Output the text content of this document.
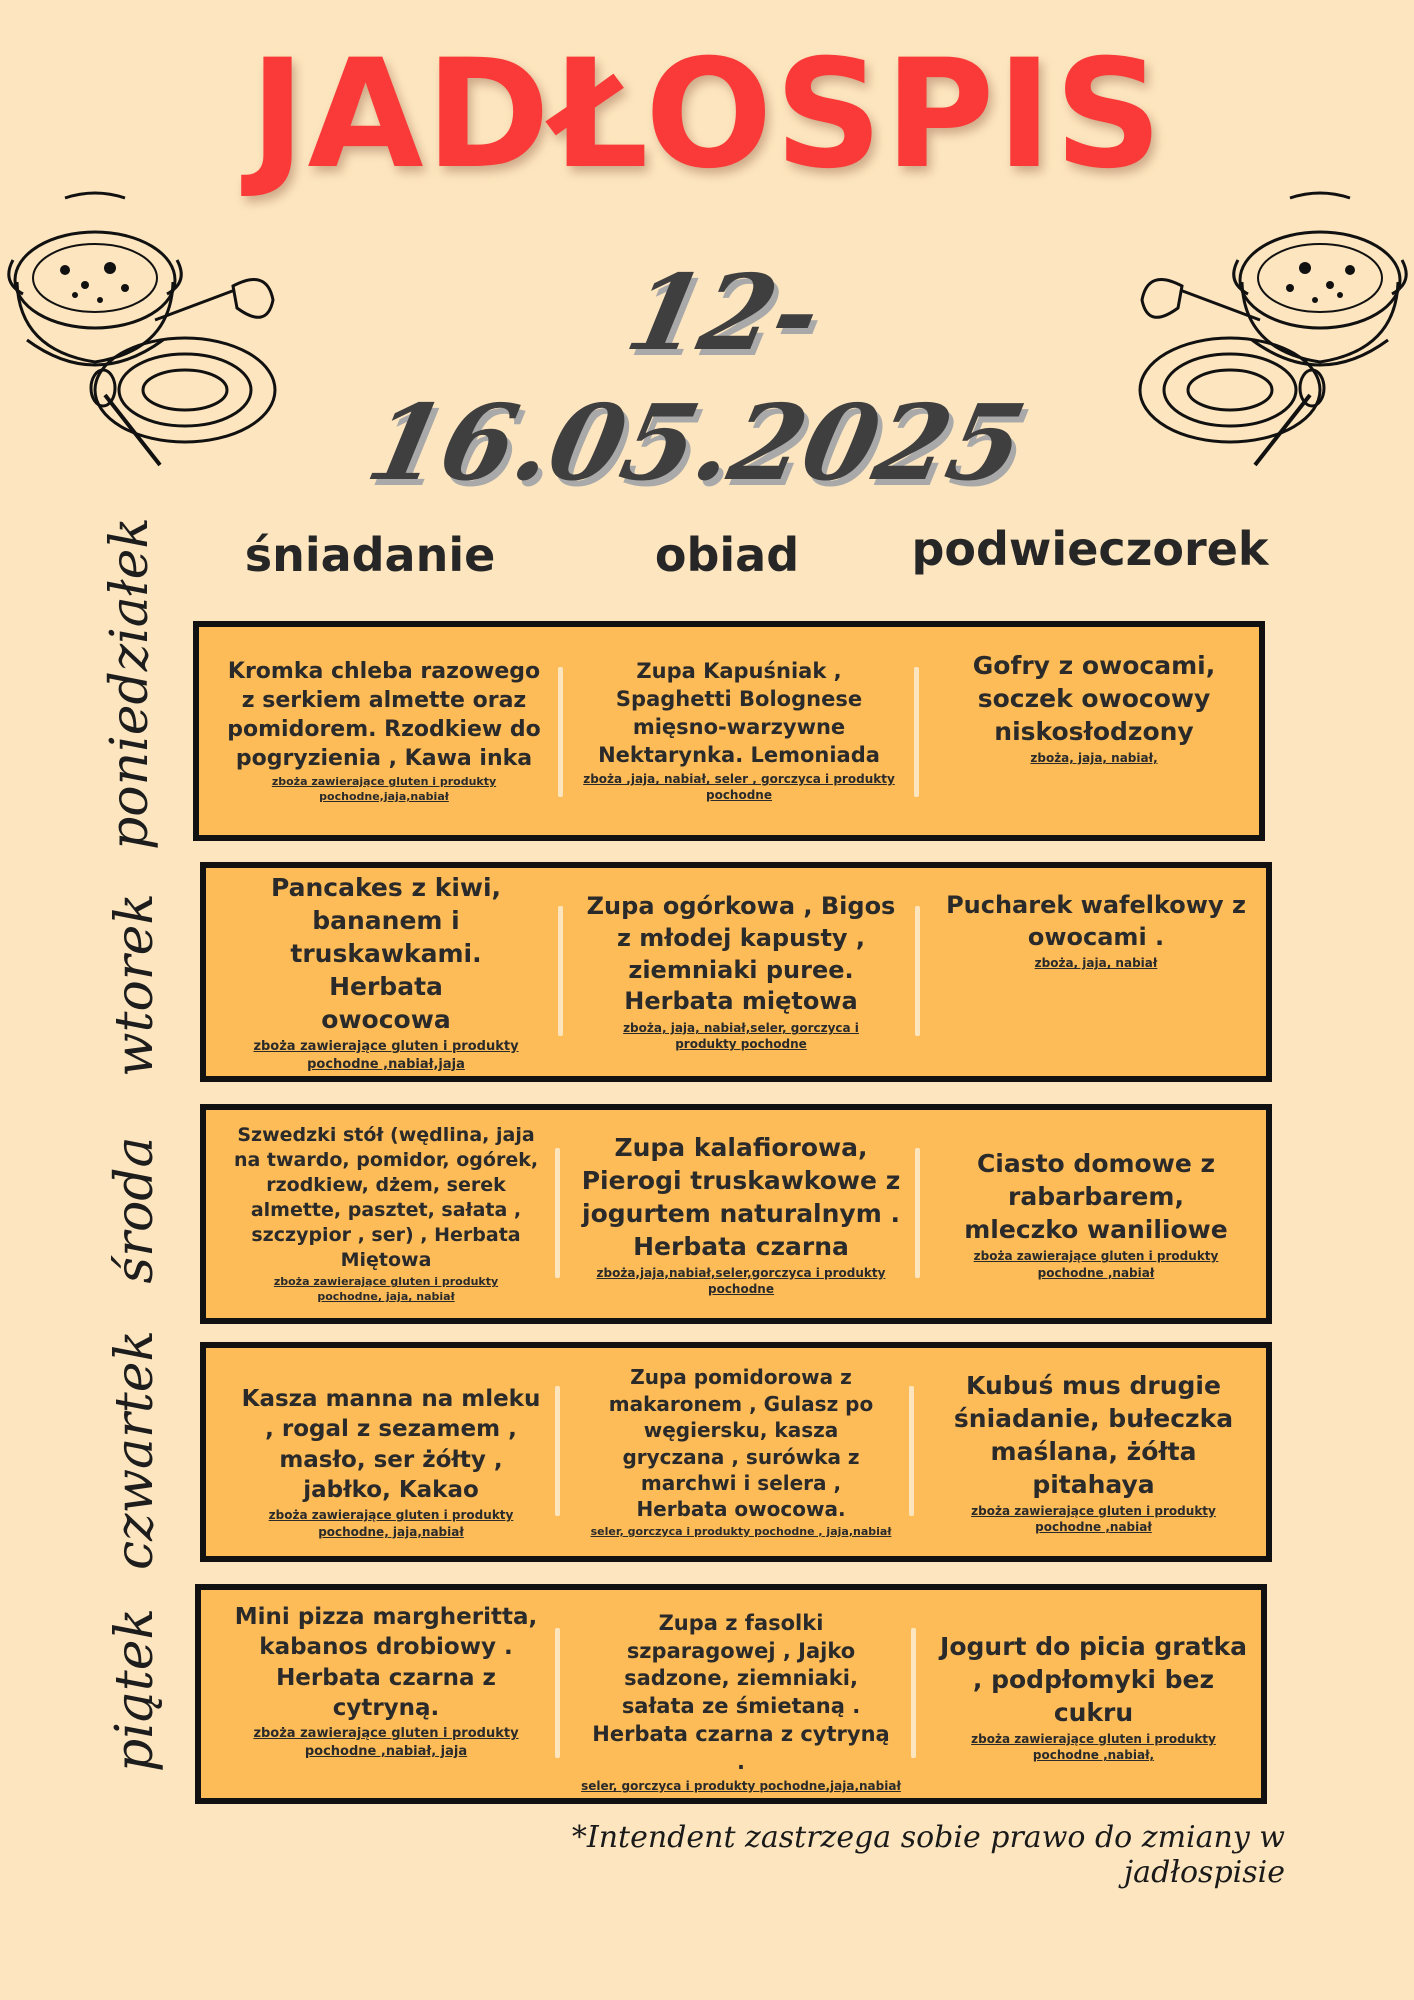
JADŁOSPIS
12-16.05.2025
śniadanie	obiad	podwieczorek
poniedziałek
wtorek
środa
czwartek
piątek
Kromka chleba razowego z serkiem almette oraz pomidorem. Rzodkiew do pogryzienia , Kawa inka
zboża zawierające gluten i produkty pochodne,jaja,nabiał
Zupa Kapuśniak , Spaghetti Bolognese mięsno-warzywne Nektarynka. Lemoniada
zboża ,jaja, nabiał, seler , gorczyca i produkty pochodne
Gofry z owocami, soczek owocowy niskosłodzony
zboża, jaja, nabiał,
Pancakes z kiwi, bananem i truskawkami. Herbata owocowa
zboża zawierające gluten i produkty pochodne ,nabiał,jaja
Zupa ogórkowa , Bigos z młodej kapusty , ziemniaki puree. Herbata miętowa
zboża, jaja, nabiał,seler, gorczyca i produkty pochodne
Pucharek wafelkowy z owocami .
zboża, jaja, nabiał
Szwedzki stół (wędlina, jaja na twardo, pomidor, ogórek, rzodkiew, dżem, serek almette, pasztet, sałata , szczypior , ser) , Herbata Miętowa
zboża zawierające gluten i produkty pochodne, jaja, nabiał
Zupa kalafiorowa, Pierogi truskawkowe z jogurtem naturalnym . Herbata czarna
zboża,jaja,nabiał,seler,gorczyca i produkty pochodne
Ciasto domowe z rabarbarem, mleczko waniliowe
zboża zawierające gluten i produkty pochodne ,nabiał
Kasza manna na mleku , rogal z sezamem , masło, ser żółty , jabłko, Kakao
zboża zawierające gluten i produkty pochodne, jaja,nabiał
Zupa pomidorowa z makaronem , Gulasz po węgiersku, kasza gryczana , surówka z marchwi i selera , Herbata owocowa.
seler, gorczyca i produkty pochodne , jaja,nabiał
Kubuś mus drugie śniadanie, bułeczka maślana, żółta pitahaya
zboża zawierające gluten i produkty pochodne ,nabiał
Mini pizza margheritta, kabanos drobiowy . Herbata czarna z cytryną.
zboża zawierające gluten i produkty pochodne ,nabiał, jaja
Zupa z fasolki szparagowej , Jajko sadzone, ziemniaki, sałata ze śmietaną . Herbata czarna z cytryną .
seler, gorczyca i produkty pochodne,jaja,nabiał
Jogurt do picia gratka , podpłomyki bez cukru
zboża zawierające gluten i produkty pochodne ,nabiał,
*Intendent zastrzega sobie prawo do zmiany w jadłospisie
